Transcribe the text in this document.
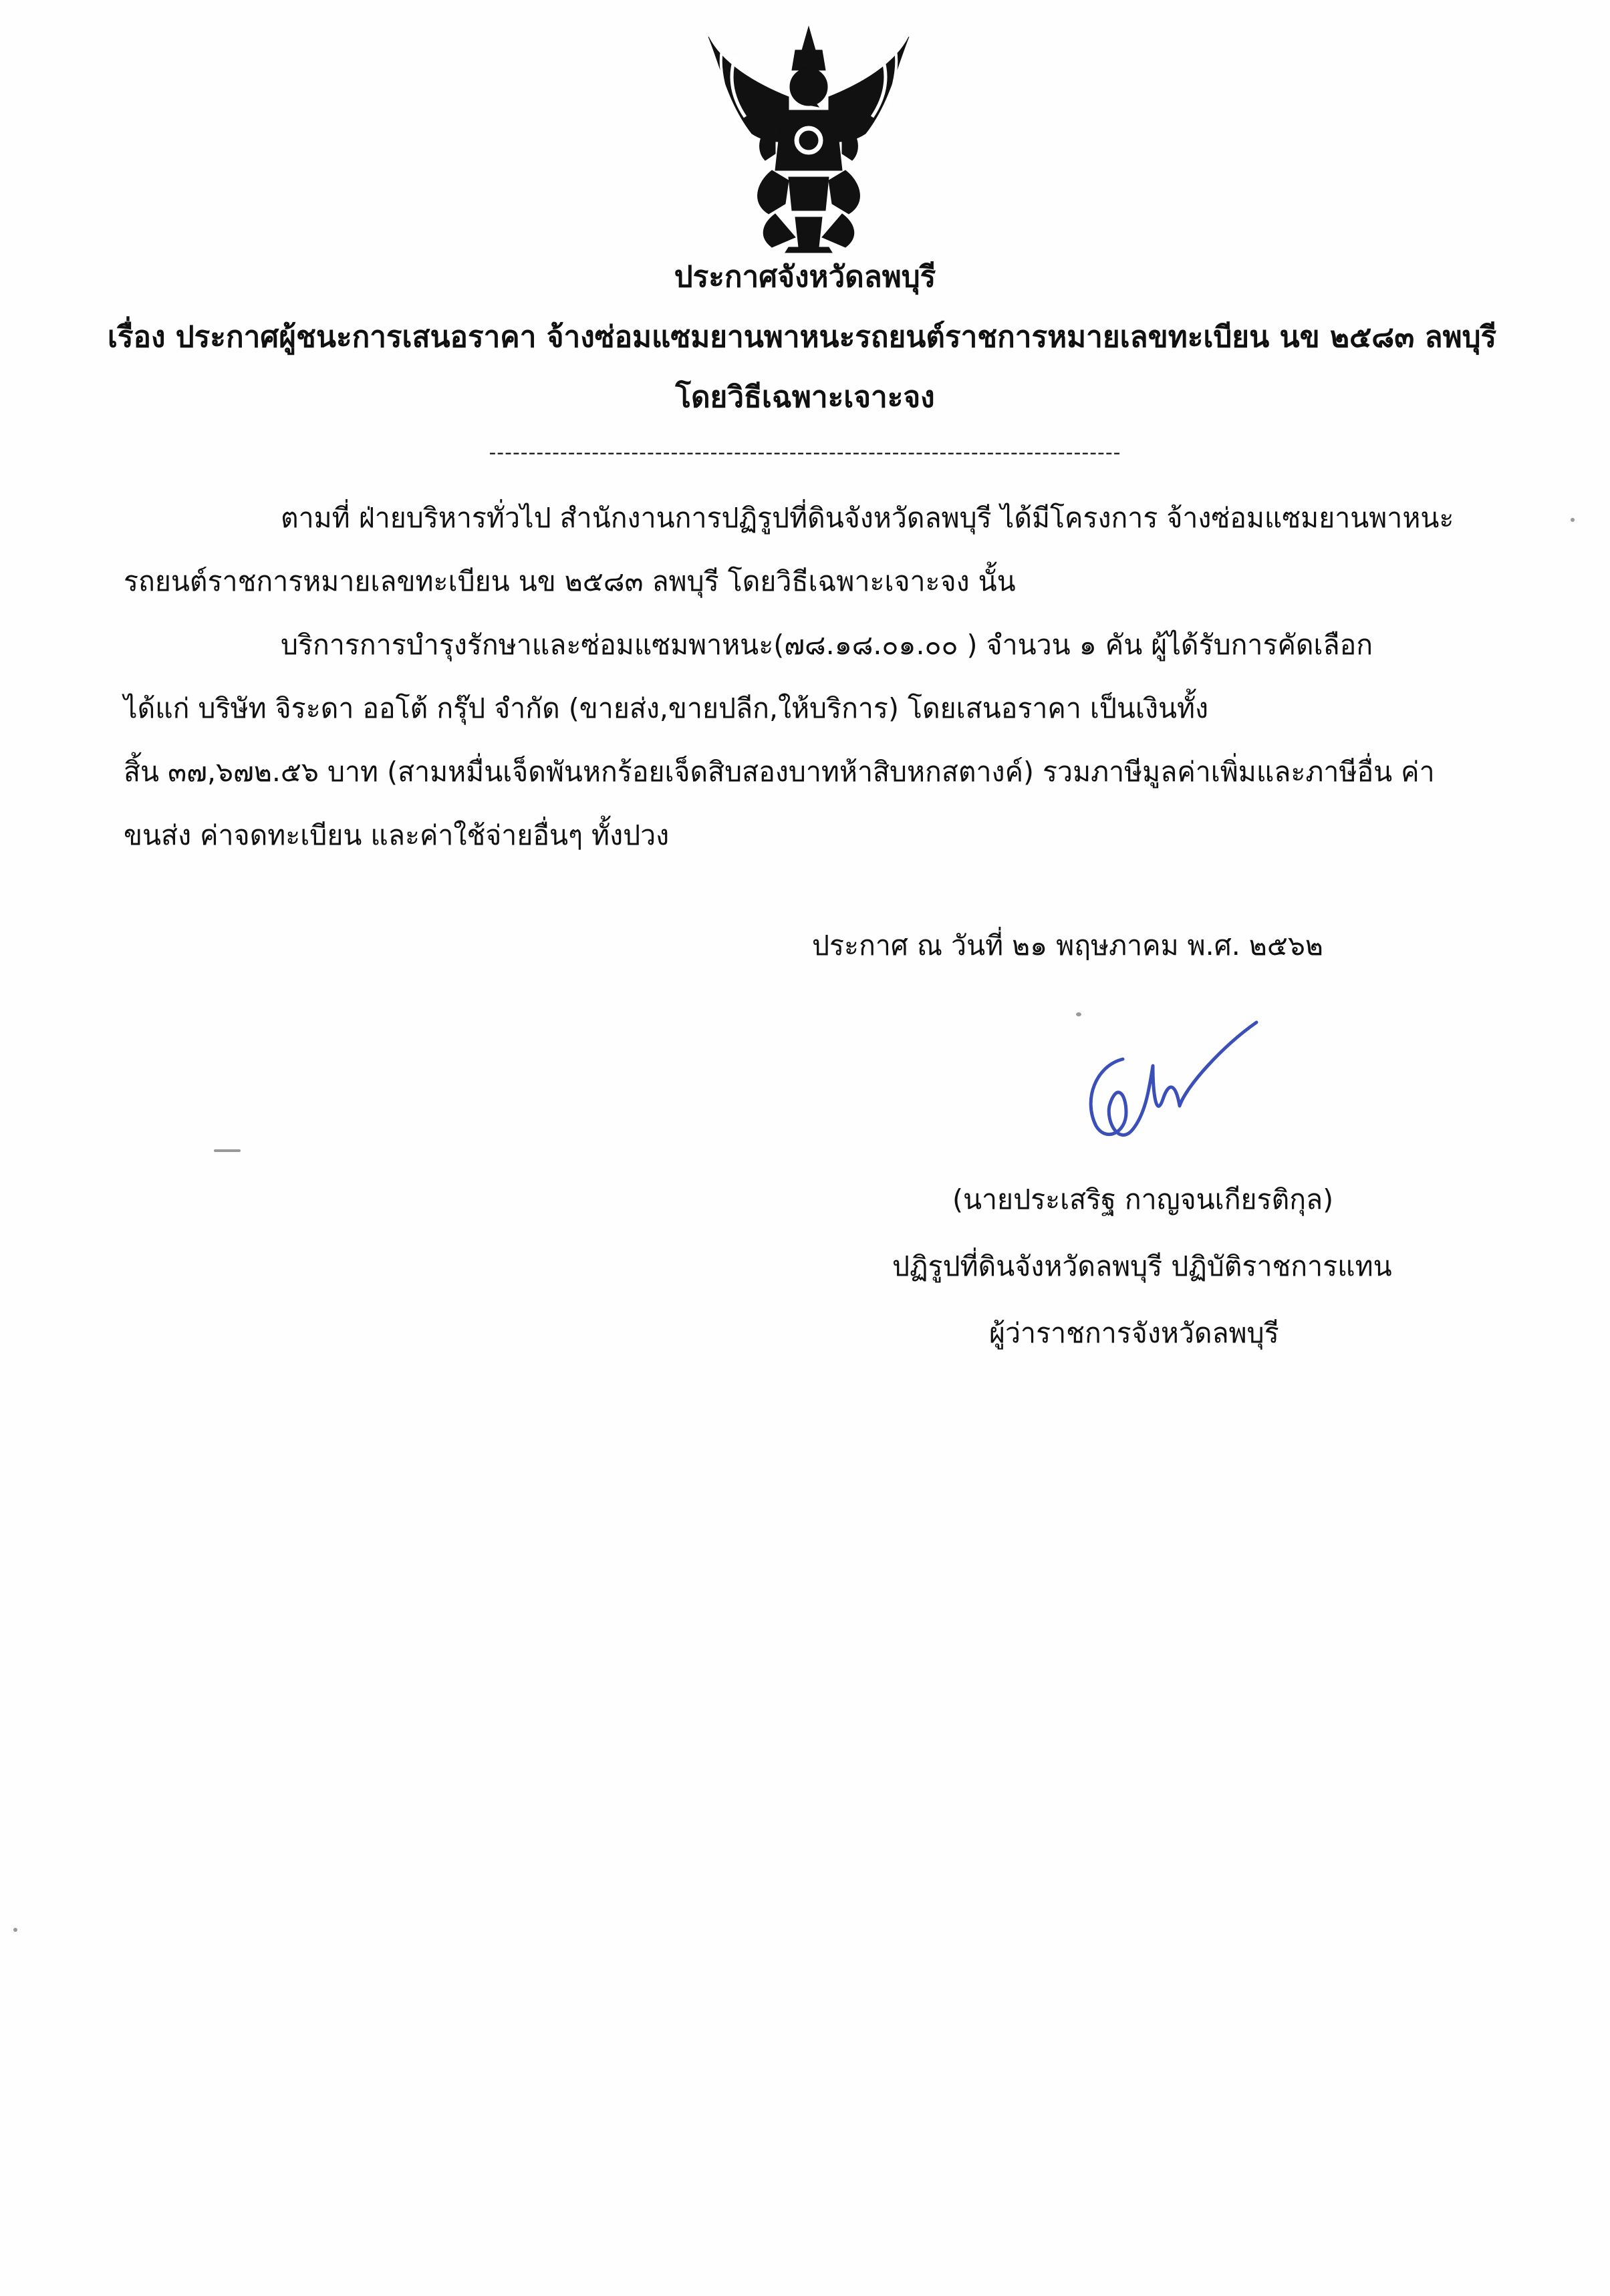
ประกาศจังหวัดลพบุรี
เรื่อง ประกาศผู้ชนะการเสนอราคา จ้างซ่อมแซมยานพาหนะรถยนต์ราชการหมายเลขทะเบียน นข ๒๕๘๓ ลพบุรี
โดยวิธีเฉพาะเจาะจง
--------------------------------------------------------------------------------
ตามที่ ฝ่ายบริหารทั่วไป สำนักงานการปฏิรูปที่ดินจังหวัดลพบุรี ได้มีโครงการ จ้างซ่อมแซมยานพาหนะ
รถยนต์ราชการหมายเลขทะเบียน นข ๒๕๘๓ ลพบุรี โดยวิธีเฉพาะเจาะจง นั้น
บริการการบำรุงรักษาและซ่อมแซมพาหนะ(๗๘.๑๘.๐๑.๐๐ ) จำนวน ๑ คัน ผู้ได้รับการคัดเลือก
ได้แก่ บริษัท จิระดา ออโต้ กรุ๊ป จำกัด (ขายส่ง,ขายปลีก,ให้บริการ) โดยเสนอราคา เป็นเงินทั้ง
สิ้น ๓๗,๖๗๒.๕๖ บาท (สามหมื่นเจ็ดพันหกร้อยเจ็ดสิบสองบาทห้าสิบหกสตางค์) รวมภาษีมูลค่าเพิ่มและภาษีอื่น ค่า
ขนส่ง ค่าจดทะเบียน และค่าใช้จ่ายอื่นๆ ทั้งปวง
ประกาศ ณ วันที่ ๒๑ พฤษภาคม พ.ศ. ๒๕๖๒
(นายประเสริฐ กาญจนเกียรติกุล)
ปฏิรูปที่ดินจังหวัดลพบุรี ปฏิบัติราชการแทน
ผู้ว่าราชการจังหวัดลพบุรี
